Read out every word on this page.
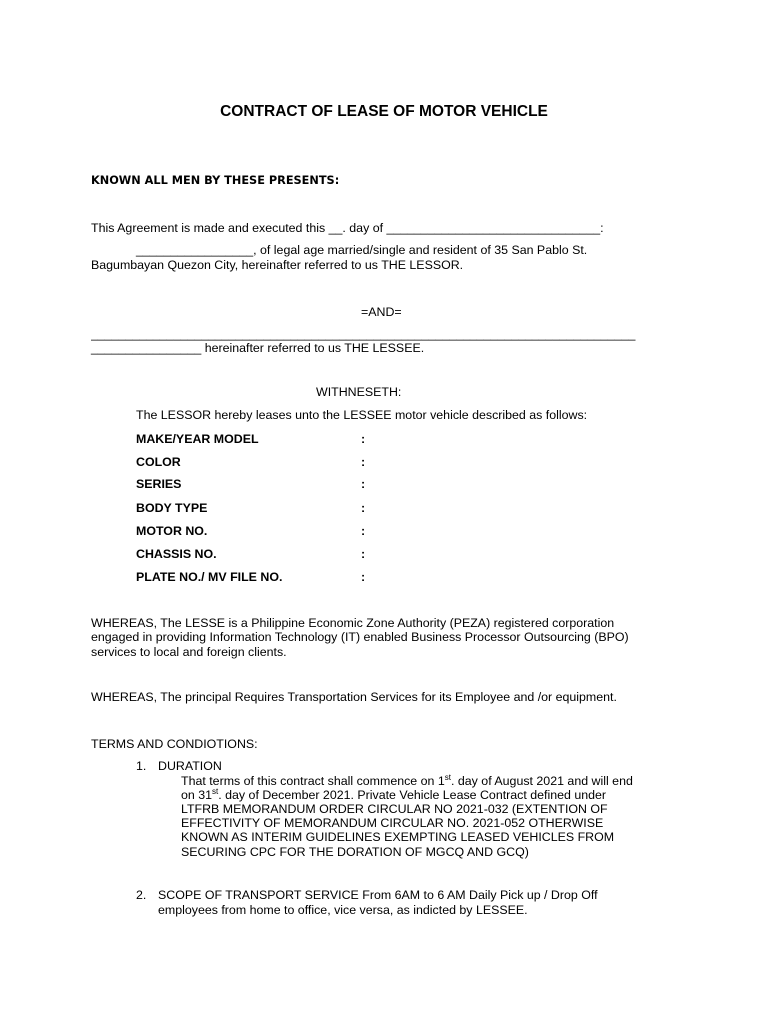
CONTRACT OF LEASE OF MOTOR VEHICLE
KNOWN ALL MEN BY THESE PRESENTS:
This Agreement is made and executed this __. day of _______________________________:
_________________, of legal age married/single and resident of 35 San Pablo St.
Bagumbayan Quezon City, hereinafter referred to us THE LESSOR.
=AND=
_______________________________________________________________________________
________________ hereinafter referred to us THE LESSEE.
WITHNESETH:
The LESSOR hereby leases unto the LESSEE motor vehicle described as follows:
MAKE/YEAR MODEL	:
COLOR	:
SERIES	:
BODY TYPE	:
MOTOR NO.	:
CHASSIS NO.	:
PLATE NO./ MV FILE NO.	:
WHEREAS, The LESSE is a Philippine Economic Zone Authority (PEZA) registered corporation
engaged in providing Information Technology (IT) enabled Business Processor Outsourcing (BPO)
services to local and foreign clients.
WHEREAS, The principal Requires Transportation Services for its Employee and /or equipment.
TERMS AND CONDIOTIONS:
1. DURATION
That terms of this contract shall commence on 1st. day of August 2021 and will end
on 31st. day of December 2021. Private Vehicle Lease Contract defined under
LTFRB MEMORANDUM ORDER CIRCULAR NO 2021-032 (EXTENTION OF
EFFECTIVITY OF MEMORANDUM CIRCULAR NO. 2021-052 OTHERWISE
KNOWN AS INTERIM GUIDELINES EXEMPTING LEASED VEHICLES FROM
SECURING CPC FOR THE DORATION OF MGCQ AND GCQ)
2. SCOPE OF TRANSPORT SERVICE From 6AM to 6 AM Daily Pick up / Drop Off
employees from home to office, vice versa, as indicted by LESSEE.
